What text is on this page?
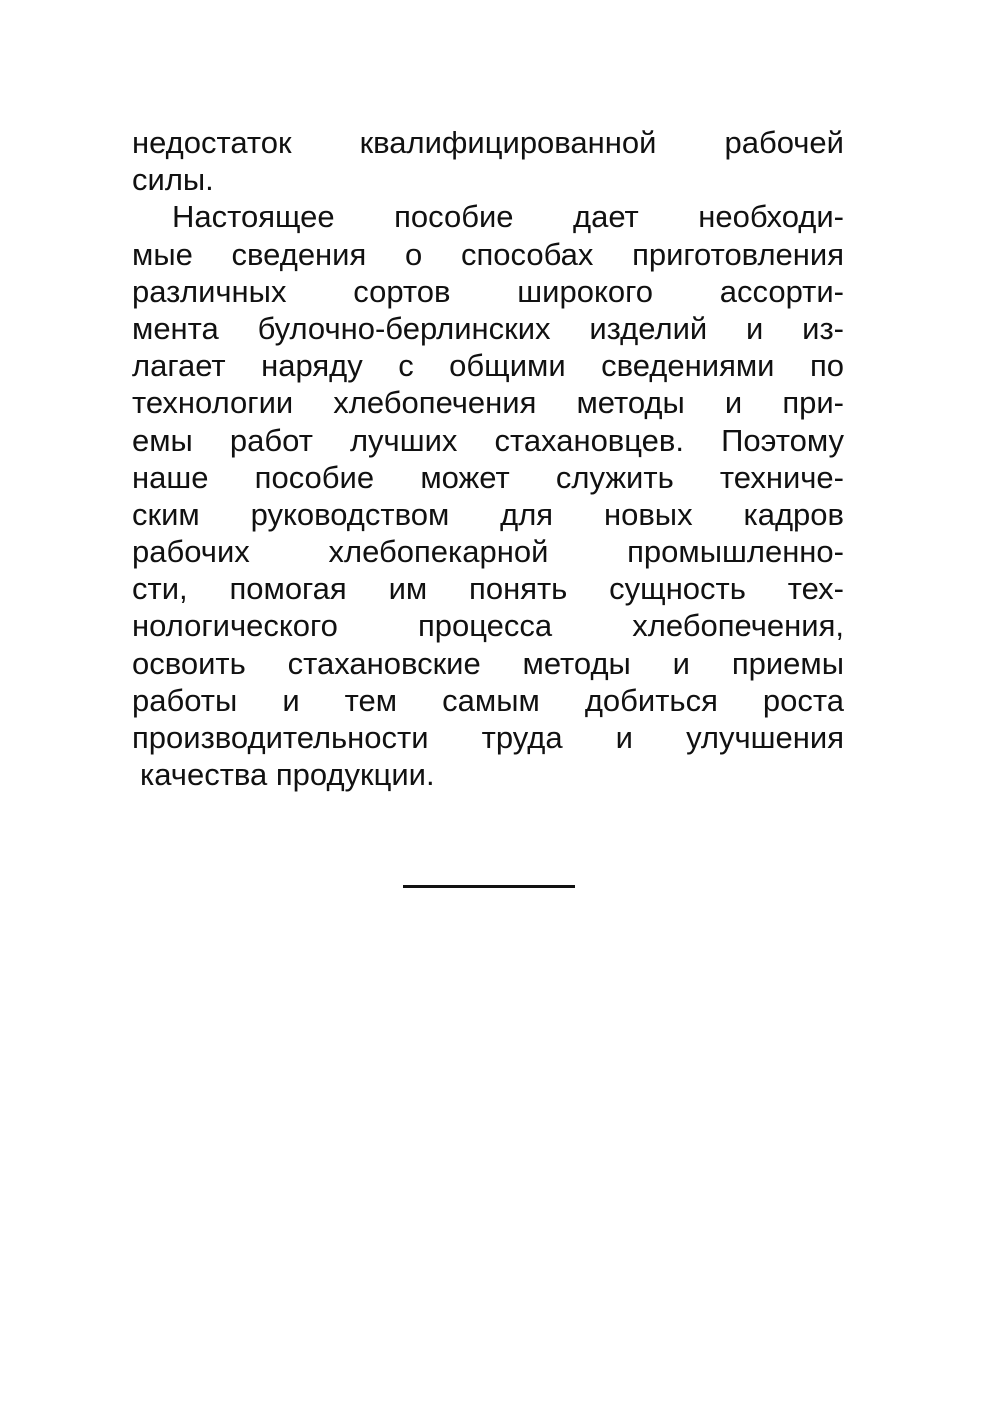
недостаток квалифицированной рабочей
силы.
Настоящее пособие дает необходи-
мые сведения о способах приготовления
различных сортов широкого ассорти-
мента булочно-берлинских изделий и из-
лагает наряду с общими сведениями по
технологии хлебопечения методы и при-
емы работ лучших стахановцев. Поэтому
наше пособие может служить техниче-
ским руководством для новых кадров
рабочих хлебопекарной промышленно-
сти, помогая им понять сущность тех-
нологического процесса хлебопечения,
освоить стахановские методы и приемы
работы и тем самым добиться роста
производительности труда и улучшения
качества продукции.
